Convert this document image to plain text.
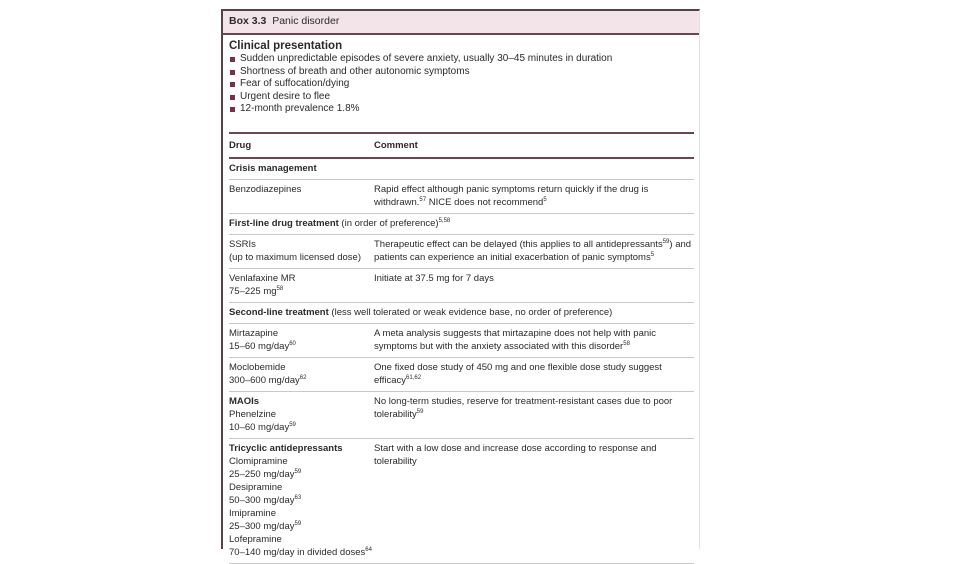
Box 3.3 Panic disorder
Clinical presentation
Sudden unpredictable episodes of severe anxiety, usually 30–45 minutes in duration
Shortness of breath and other autonomic symptoms
Fear of suffocation/dying
Urgent desire to flee
12-month prevalence 1.8%
Drug	Comment
Crisis management
Benzodiazepines	Rapid effect although panic symptoms return quickly if the drug is withdrawn.$^{57}$ NICE does not recommend$^5$
First-line drug treatment (in order of preference)$^{5,58}$
SSRIs
(up to maximum licensed dose)
Therapeutic effect can be delayed (this applies to all antidepressants$^{59}$) and patients can experience an initial exacerbation of panic symptoms$^5$
Venlafaxine MR
75–225 $mg^{58}$
Initiate at 37.5 mg for 7 days
Second-line treatment (less well tolerated or weak evidence base, no order of preference)
Mirtazapine
15–60 mg/day$^{60}$
A meta analysis suggests that mirtazapine does not help with panic symptoms but with the anxiety associated with this disorder$^{58}$
Moclobemide
300–600 mg/day$^{62}$
One fixed dose study of 450 mg and one flexible dose study suggest efficacy$^{61,62}$
MAOIs
Phenelzine
10–60 mg/day$^{59}$
No long-term studies, reserve for treatment-resistant cases due to poor tolerability$^{59}$
Tricyclic antidepressants
Clomipramine
25–250 mg/day$^{59}$
Desipramine
50–300 mg/day$^{63}$
Imipramine
25–300 mg/day$^{59}$
Lofepramine
70–140 mg/day in divided doses$^{64}$
Start with a low dose and increase dose according to response and tolerability
